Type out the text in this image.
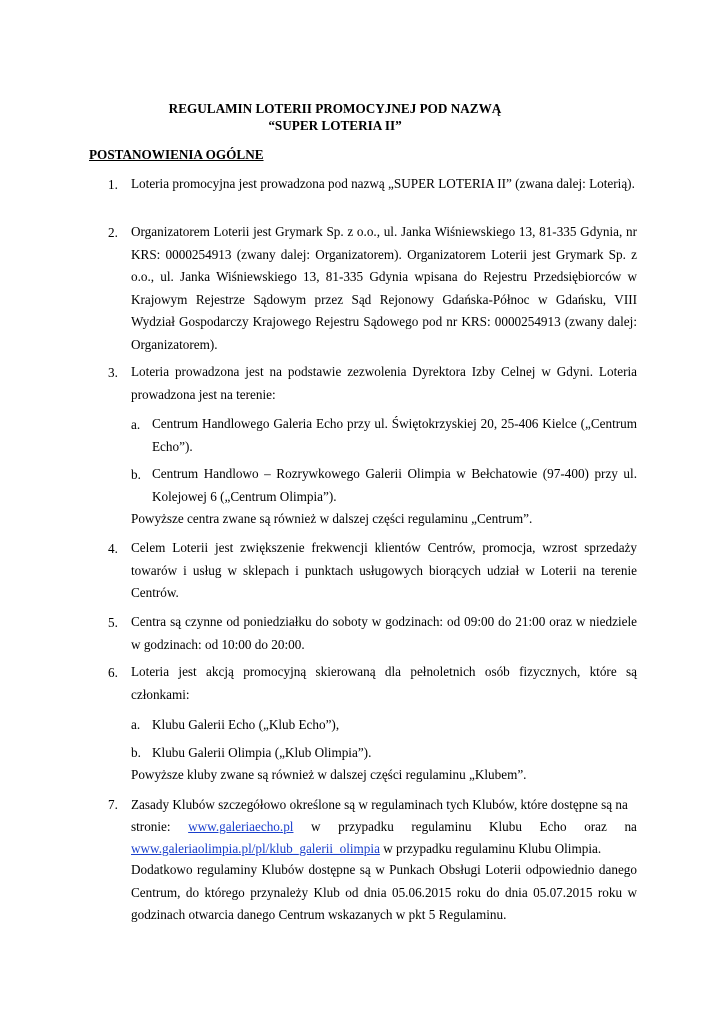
REGULAMIN LOTERII PROMOCYJNEJ POD NAZWĄ
“SUPER LOTERIA II”
POSTANOWIENIA OGÓLNE
1. Loteria promocyjna jest prowadzona pod nazwą „SUPER LOTERIA II” (zwana dalej: Loterią).
2. Organizatorem Loterii jest Grymark Sp. z o.o., ul. Janka Wiśniewskiego 13, 81-335 Gdynia, nr KRS: 0000254913 (zwany dalej: Organizatorem). Organizatorem Loterii jest Grymark Sp. z o.o., ul. Janka Wiśniewskiego 13, 81-335 Gdynia wpisana do Rejestru Przedsiębiorców w Krajowym Rejestrze Sądowym przez Sąd Rejonowy Gdańska-Północ w Gdańsku, VIII Wydział Gospodarczy Krajowego Rejestru Sądowego pod nr KRS: 0000254913 (zwany dalej: Organizatorem).
3. Loteria prowadzona jest na podstawie zezwolenia Dyrektora Izby Celnej w Gdyni. Loteria prowadzona jest na terenie:
a. Centrum Handlowego Galeria Echo przy ul. Świętokrzyskiej 20, 25-406 Kielce („Centrum Echo”).
b. Centrum Handlowo – Rozrywkowego Galerii Olimpia w Bełchatowie (97-400) przy ul. Kolejowej 6 („Centrum Olimpia”).
Powyższe centra zwane są również w dalszej części regulaminu „Centrum”.
4. Celem Loterii jest zwiększenie frekwencji klientów Centrów, promocja, wzrost sprzedaży towarów i usług w sklepach i punktach usługowych biorących udział w Loterii na terenie Centrów.
5. Centra są czynne od poniedziałku do soboty w godzinach: od 09:00 do 21:00 oraz w niedziele w godzinach: od 10:00 do 20:00.
6. Loteria jest akcją promocyjną skierowaną dla pełnoletnich osób fizycznych, które są członkami:
a. Klubu Galerii Echo („Klub Echo”),
b. Klubu Galerii Olimpia („Klub Olimpia”).
Powyższe kluby zwane są również w dalszej części regulaminu „Klubem”.
7. Zasady Klubów szczegółowo określone są w regulaminach tych Klubów, które dostępne są na
stronie: www.galeriaecho.pl w przypadku regulaminu Klubu Echo oraz na
www.galeriaolimpia.pl/pl/klub_galerii_olimpia w przypadku regulaminu Klubu Olimpia.
Dodatkowo regulaminy Klubów dostępne są w Punkach Obsługi Loterii odpowiednio danego Centrum, do którego przynależy Klub od dnia 05.06.2015 roku do dnia 05.07.2015 roku w godzinach otwarcia danego Centrum wskazanych w pkt 5 Regulaminu.
